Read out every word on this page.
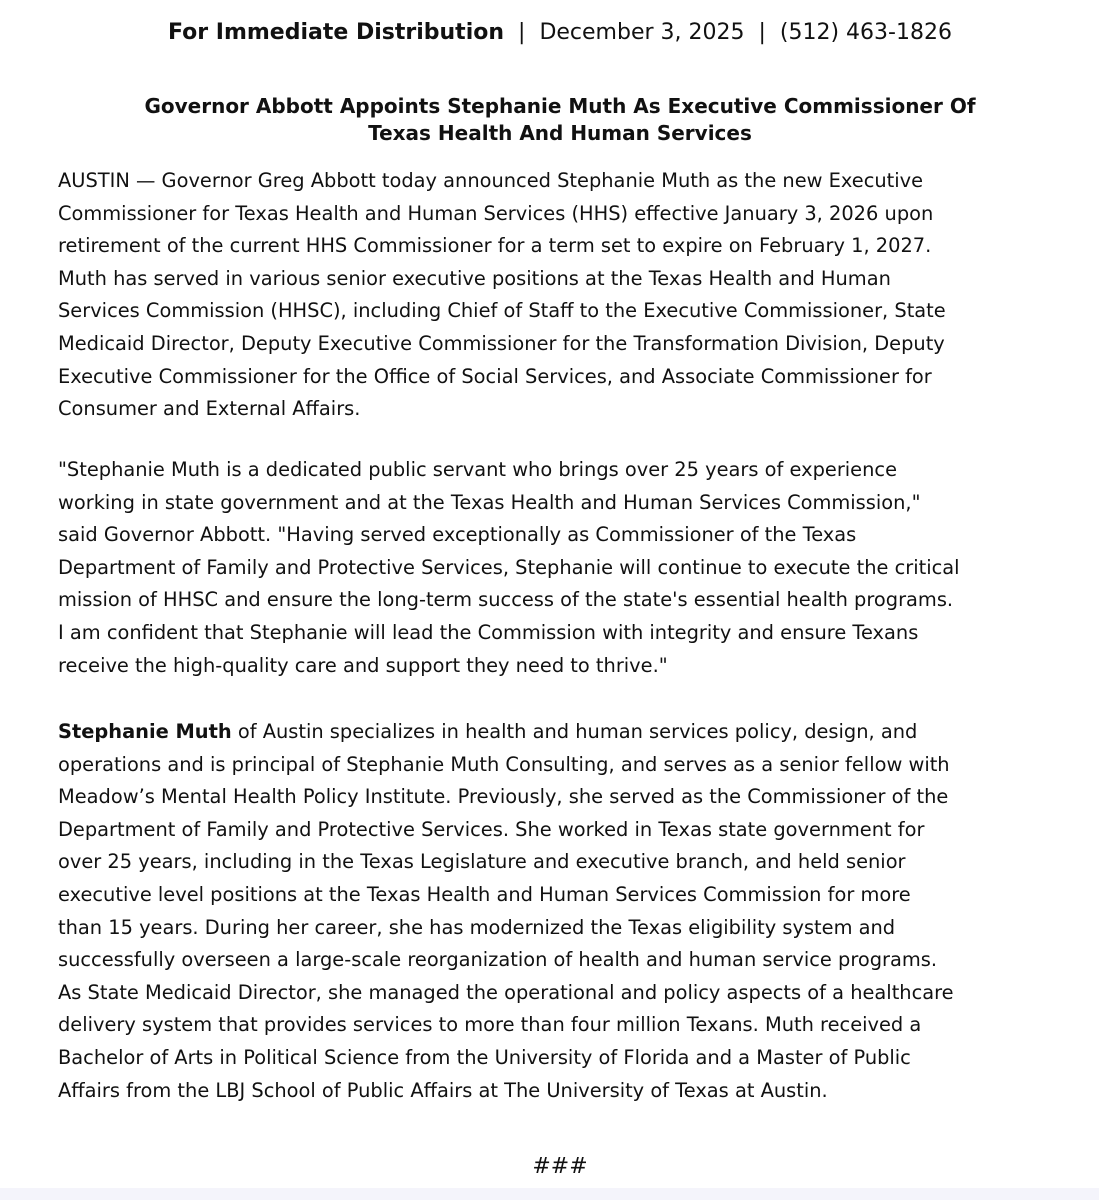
For Immediate Distribution | December 3, 2025 | (512) 463-1826
Governor Abbott Appoints Stephanie Muth As Executive Commissioner Of
Texas Health And Human Services

AUSTIN — Governor Greg Abbott today announced Stephanie Muth as the new Executive
Commissioner for Texas Health and Human Services (HHS) effective January 3, 2026 upon
retirement of the current HHS Commissioner for a term set to expire on February 1, 2027.
Muth has served in various senior executive positions at the Texas Health and Human
Services Commission (HHSC), including Chief of Staff to the Executive Commissioner, State
Medicaid Director, Deputy Executive Commissioner for the Transformation Division, Deputy
Executive Commissioner for the Office of Social Services, and Associate Commissioner for
Consumer and External Affairs.

"Stephanie Muth is a dedicated public servant who brings over 25 years of experience
working in state government and at the Texas Health and Human Services Commission,"
said Governor Abbott. "Having served exceptionally as Commissioner of the Texas
Department of Family and Protective Services, Stephanie will continue to execute the critical
mission of HHSC and ensure the long-term success of the state's essential health programs.
I am confident that Stephanie will lead the Commission with integrity and ensure Texans
receive the high-quality care and support they need to thrive."

Stephanie Muth of Austin specializes in health and human services policy, design, and
operations and is principal of Stephanie Muth Consulting, and serves as a senior fellow with
Meadow’s Mental Health Policy Institute. Previously, she served as the Commissioner of the
Department of Family and Protective Services. She worked in Texas state government for
over 25 years, including in the Texas Legislature and executive branch, and held senior
executive level positions at the Texas Health and Human Services Commission for more
than 15 years. During her career, she has modernized the Texas eligibility system and
successfully overseen a large-scale reorganization of health and human service programs.
As State Medicaid Director, she managed the operational and policy aspects of a healthcare
delivery system that provides services to more than four million Texans. Muth received a
Bachelor of Arts in Political Science from the University of Florida and a Master of Public
Affairs from the LBJ School of Public Affairs at The University of Texas at Austin.

###
